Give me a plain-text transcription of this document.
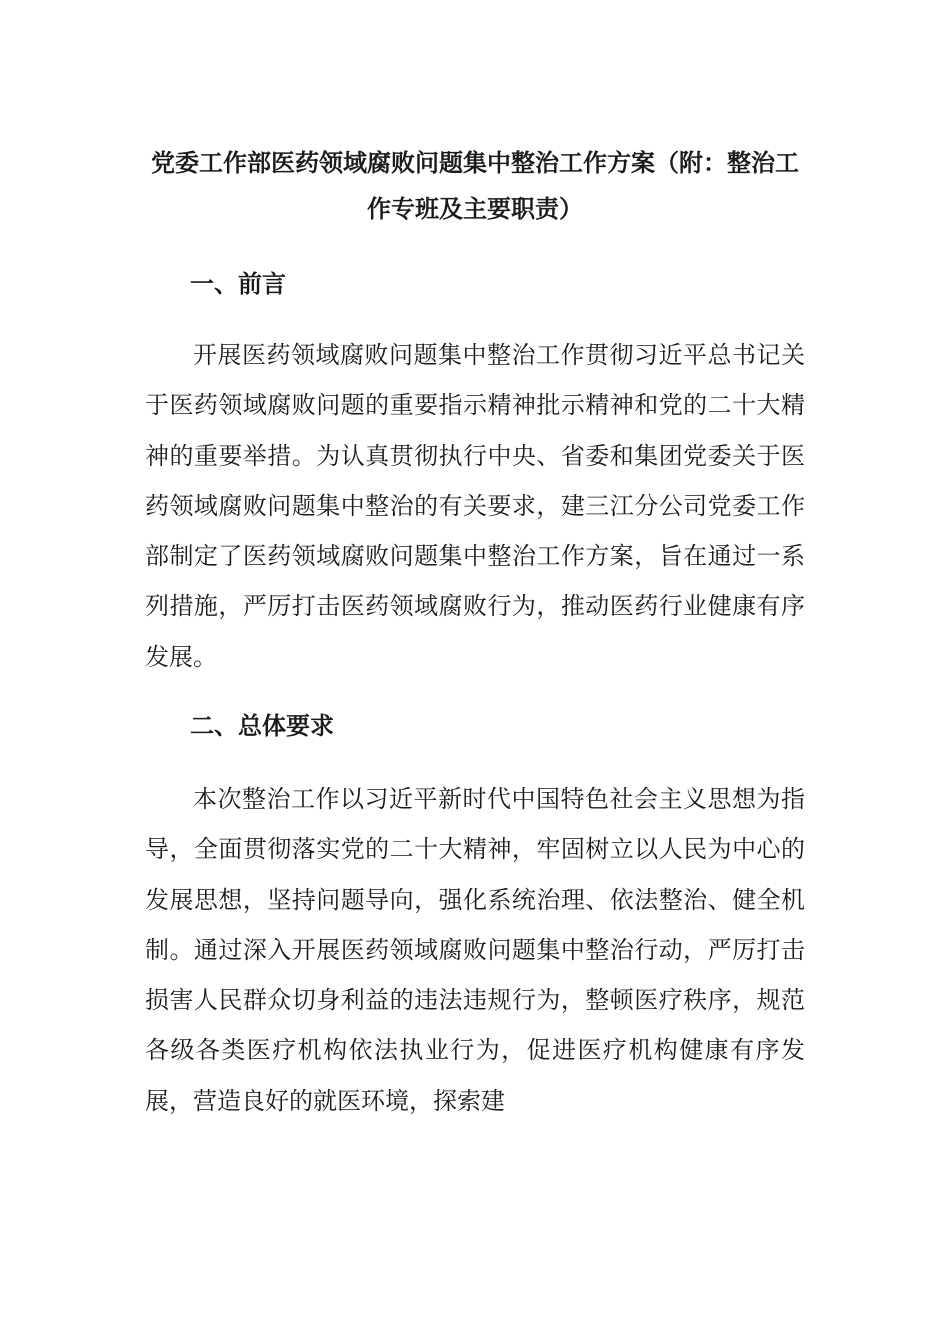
党委工作部医药领域腐败问题集中整治工作方案（附：整治工作专班及主要职责）
一、前言

开展医药领域腐败问题集中整治工作贯彻习近平总书记关于医药领域腐败问题的重要指示精神批示精神和党的二十大精神的重要举措。为认真贯彻执行中央、省委和集团党委关于医药领域腐败问题集中整治的有关要求，建三江分公司党委工作部制定了医药领域腐败问题集中整治工作方案，旨在通过一系列措施，严厉打击医药领域腐败行为，推动医药行业健康有序发展。

二、总体要求

本次整治工作以习近平新时代中国特色社会主义思想为指导，全面贯彻落实党的二十大精神，牢固树立以人民为中心的发展思想，坚持问题导向，强化系统治理、依法整治、健全机制。通过深入开展医药领域腐败问题集中整治行动，严厉打击损害人民群众切身利益的违法违规行为，整顿医疗秩序，规范各级各类医疗机构依法执业行为，促进医疗机构健康有序发展，营造良好的就医环境，探索建
